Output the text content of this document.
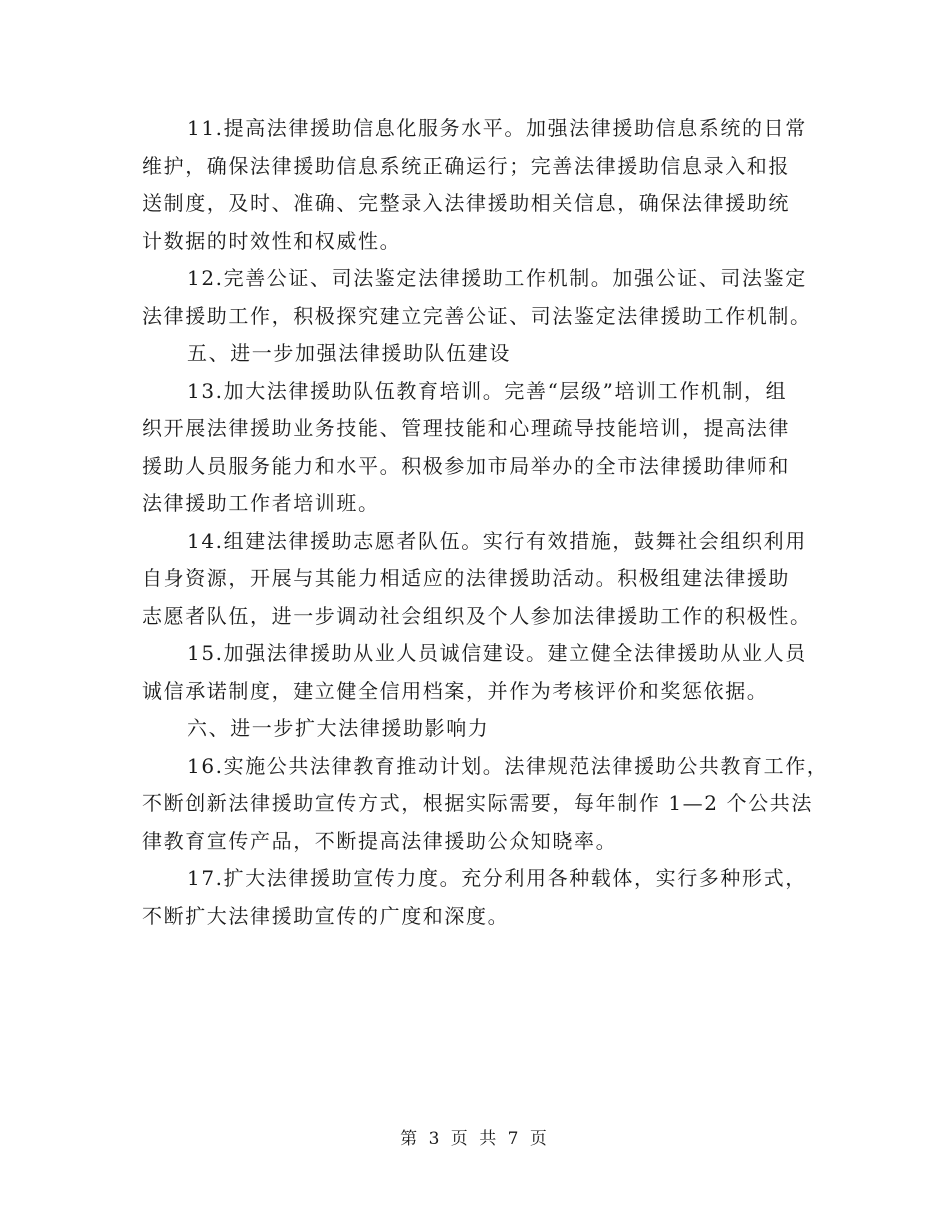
11.提高法律援助信息化服务水平。加强法律援助信息系统的日常
维护，确保法律援助信息系统正确运行；完善法律援助信息录入和报
送制度，及时、准确、完整录入法律援助相关信息，确保法律援助统
计数据的时效性和权威性。
12.完善公证、司法鉴定法律援助工作机制。加强公证、司法鉴定
法律援助工作，积极探究建立完善公证、司法鉴定法律援助工作机制。
五、进一步加强法律援助队伍建设
13.加大法律援助队伍教育培训。完善“层级”培训工作机制，组
织开展法律援助业务技能、管理技能和心理疏导技能培训，提高法律
援助人员服务能力和水平。积极参加市局举办的全市法律援助律师和
法律援助工作者培训班。
14.组建法律援助志愿者队伍。实行有效措施，鼓舞社会组织利用
自身资源，开展与其能力相适应的法律援助活动。积极组建法律援助
志愿者队伍，进一步调动社会组织及个人参加法律援助工作的积极性。
15.加强法律援助从业人员诚信建设。建立健全法律援助从业人员
诚信承诺制度，建立健全信用档案，并作为考核评价和奖惩依据。
六、进一步扩大法律援助影响力
16.实施公共法律教育推动计划。法律规范法律援助公共教育工作，
不断创新法律援助宣传方式，根据实际需要，每年制作 1—2 个公共法
律教育宣传产品，不断提高法律援助公众知晓率。
17.扩大法律援助宣传力度。充分利用各种载体，实行多种形式，
不断扩大法律援助宣传的广度和深度。
第 3 页 共 7 页
